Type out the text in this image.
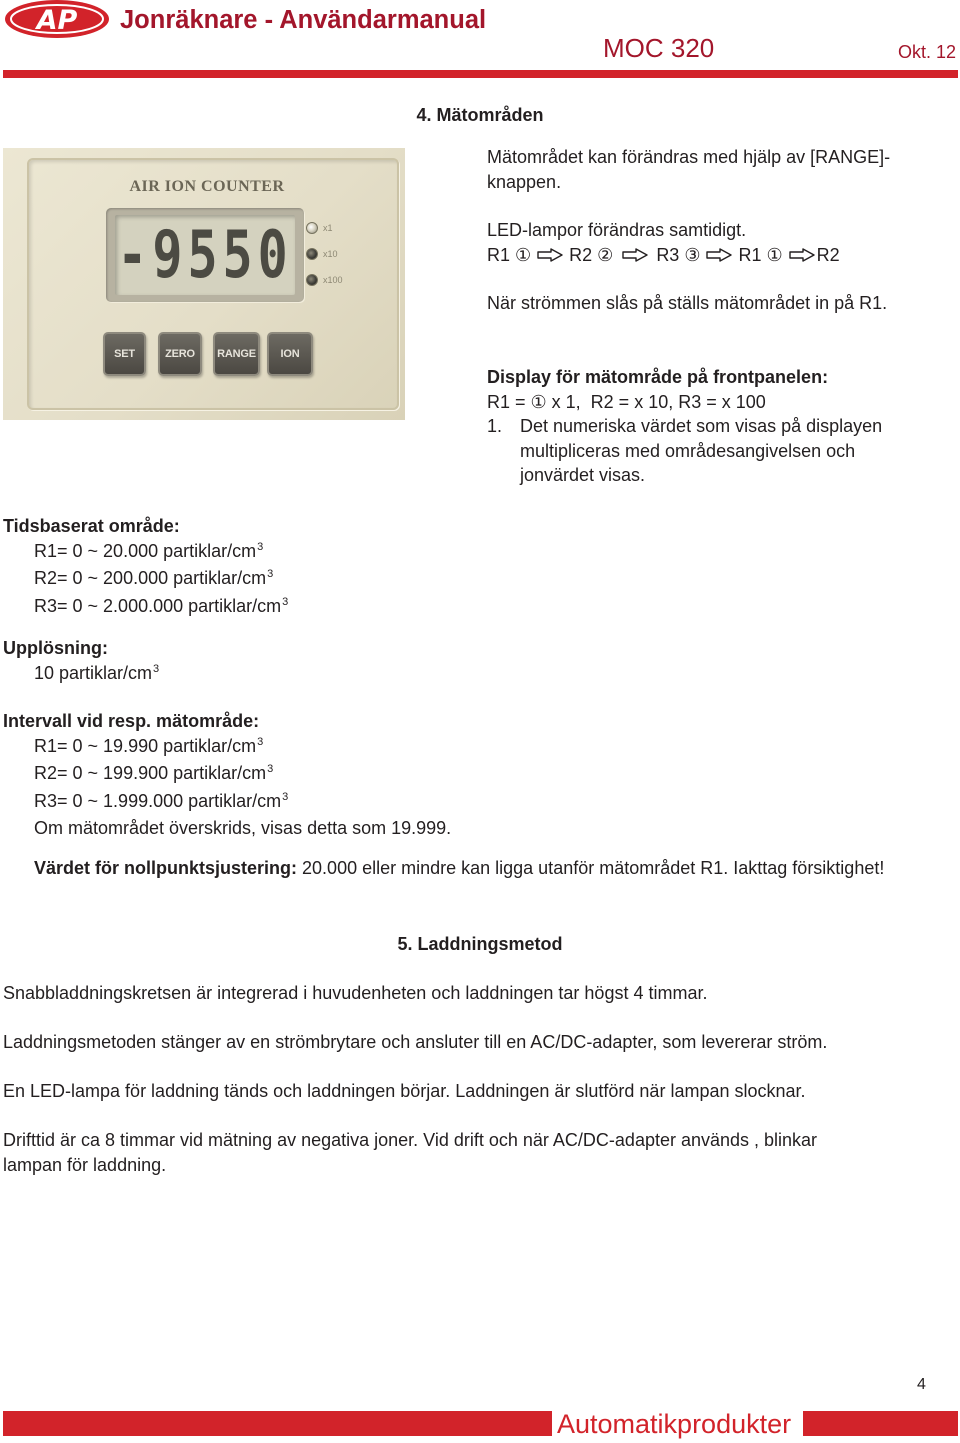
AP Jonräknare - Användarmanual
MOC 320	Okt. 12
4. Mätområden
AIR ION COUNTER
-9550	x1
x10
x100
SET	ZERO	RANGE	ION
Mätområdet kan förändras med hjälp av [RANGE]-
knappen.
LED-lampor förändras samtidigt.
R1 ① R2 ② R3 ③ R1 ① R2
När strömmen slås på ställs mätområdet in på R1.
Display för mätområde på frontpanelen:
R1 = ① x 1,  R2 = x 10, R3 = x 100
1. Det numeriska värdet som visas på displayen
multipliceras med områdesangivelsen och
jonvärdet visas.
Tidsbaserat område:
R1= 0 ~ 20.000 partiklar/$cm^3$
R2= 0 ~ 200.000 partiklar/$cm^3$
R3= 0 ~ 2.000.000 partiklar/$cm^3$
Upplösning:
10 partiklar/$cm^3$
Intervall vid resp. mätområde:
R1= 0 ~ 19.990 partiklar/$cm^3$
R2= 0 ~ 199.900 partiklar/$cm^3$
R3= 0 ~ 1.999.000 partiklar/$cm^3$
Om mätområdet överskrids, visas detta som 19.999.
Värdet för nollpunktsjustering: 20.000 eller mindre kan ligga utanför mätområdet R1. Iakttag försiktighet!
5. Laddningsmetod
Snabbladdningskretsen är integrerad i huvudenheten och laddningen tar högst 4 timmar.
Laddningsmetoden stänger av en strömbrytare och ansluter till en AC/DC-adapter, som levererar ström.
En LED-lampa för laddning tänds och laddningen börjar. Laddningen är slutförd när lampan slocknar.
Drifttid är ca 8 timmar vid mätning av negativa joner. Vid drift och när AC/DC-adapter används , blinkar
lampan för laddning.
4
Automatikprodukter
